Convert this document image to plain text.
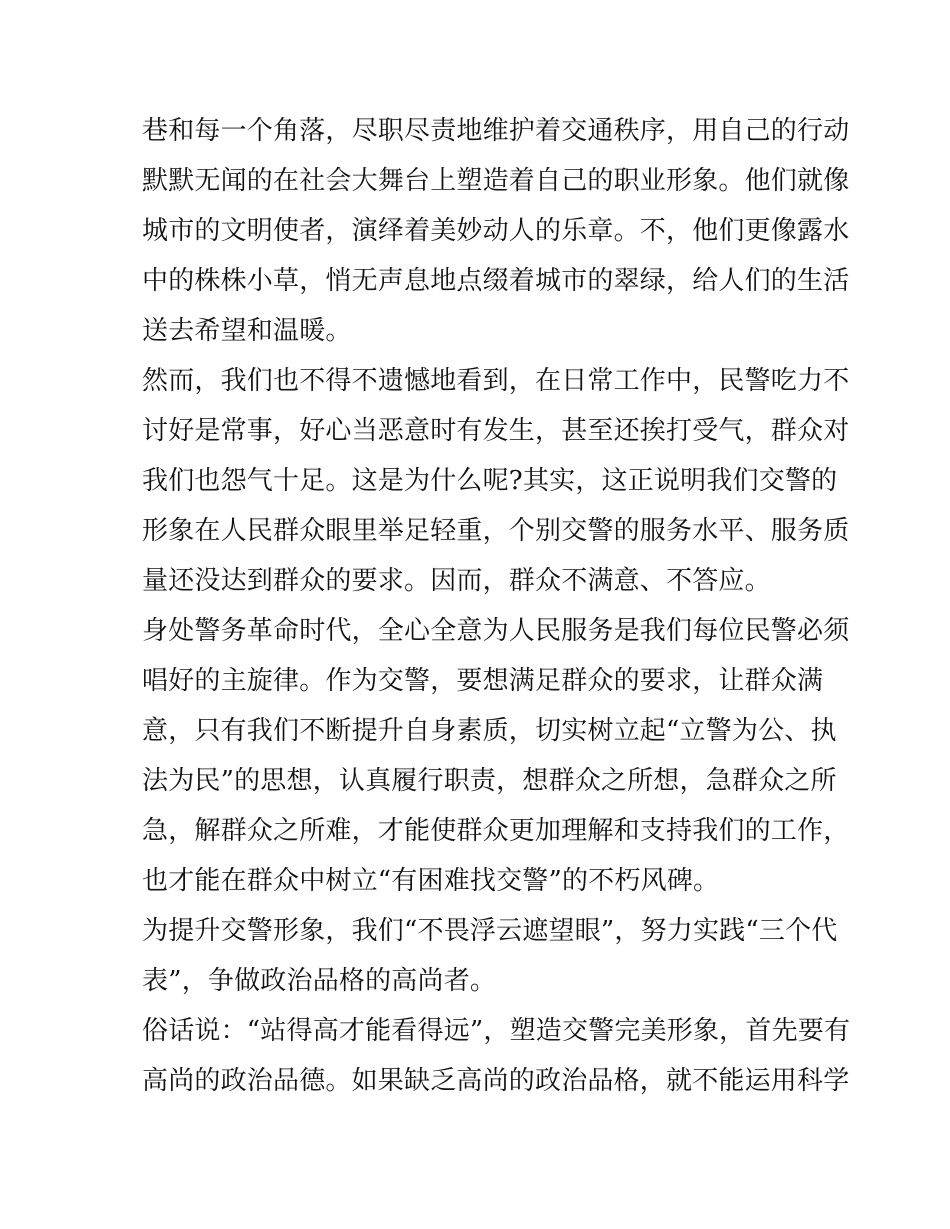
巷和每一个角落，尽职尽责地维护着交通秩序，用自己的行动
默默无闻的在社会大舞台上塑造着自己的职业形象。他们就像
城市的文明使者，演绎着美妙动人的乐章。不，他们更像露水
中的株株小草，悄无声息地点缀着城市的翠绿，给人们的生活
送去希望和温暖。
然而，我们也不得不遗憾地看到，在日常工作中，民警吃力不
讨好是常事，好心当恶意时有发生，甚至还挨打受气，群众对
我们也怨气十足。这是为什么呢?其实，这正说明我们交警的
形象在人民群众眼里举足轻重，个别交警的服务水平、服务质
量还没达到群众的要求。因而，群众不满意、不答应。
身处警务革命时代，全心全意为人民服务是我们每位民警必须
唱好的主旋律。作为交警，要想满足群众的要求，让群众满
意，只有我们不断提升自身素质，切实树立起“立警为公、执
法为民”的思想，认真履行职责，想群众之所想，急群众之所
急，解群众之所难，才能使群众更加理解和支持我们的工作，
也才能在群众中树立“有困难找交警”的不朽风碑。
为提升交警形象，我们“不畏浮云遮望眼”，努力实践“三个代
表”，争做政治品格的高尚者。
俗话说：“站得高才能看得远”，塑造交警完美形象，首先要有
高尚的政治品德。如果缺乏高尚的政治品格，就不能运用科学
